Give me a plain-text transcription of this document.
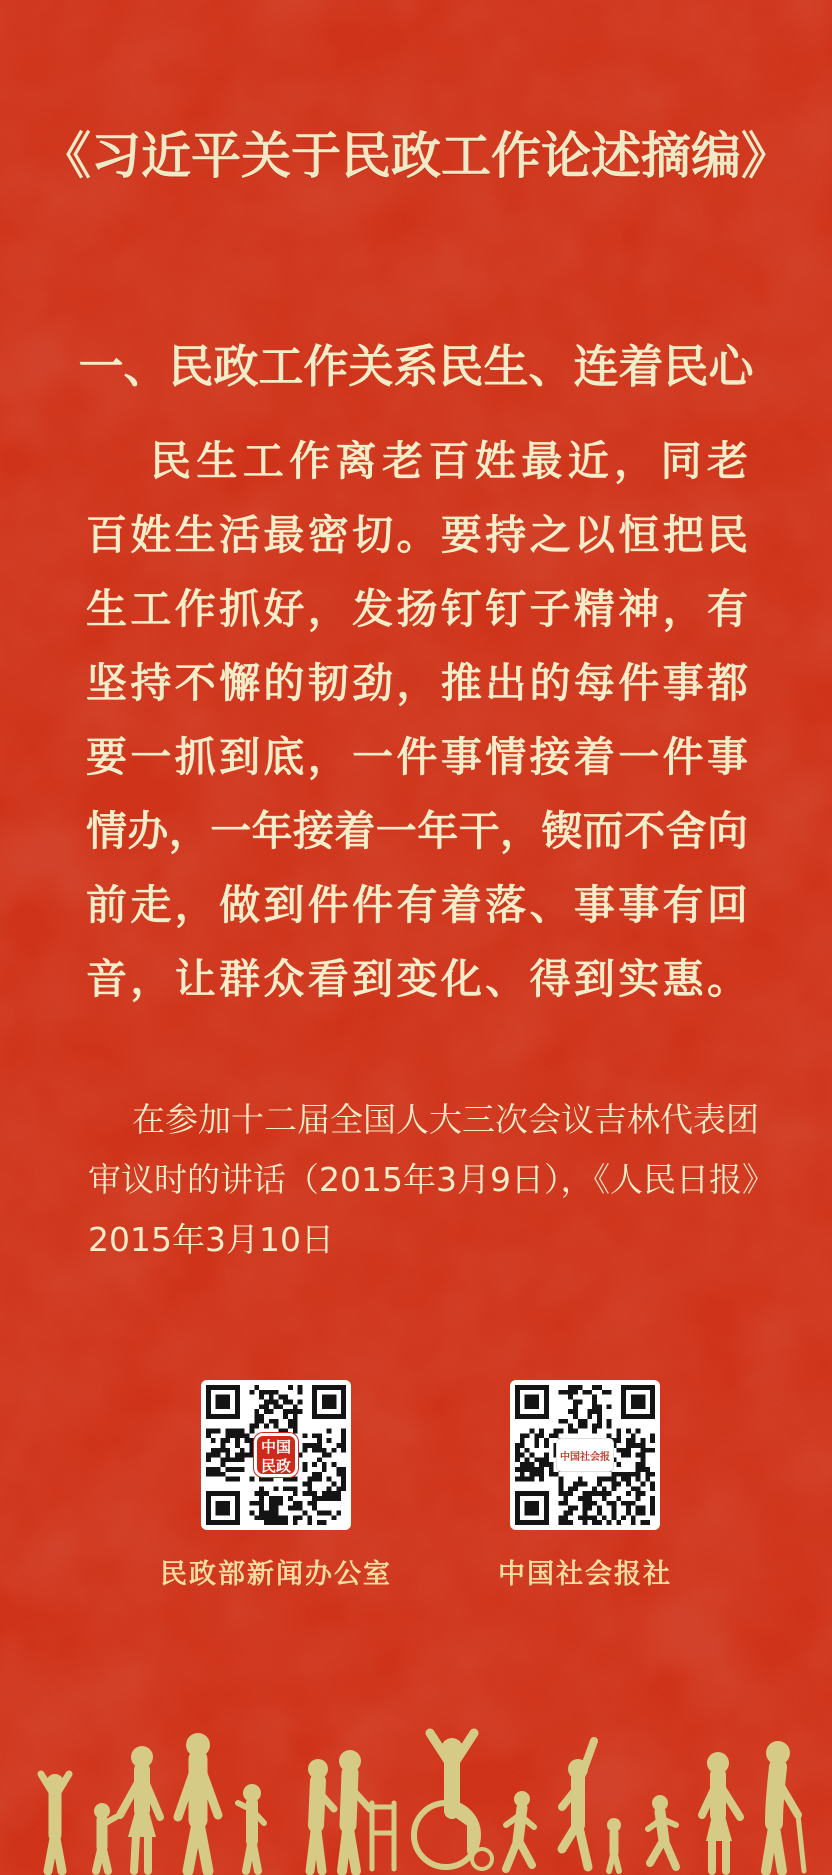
《习近平关于民政工作论述摘编》
一、民政工作关系民生、连着民心
民生工作离老百姓最近，同老
百姓生活最密切。要持之以恒把民
生工作抓好，发扬钉钉子精神，有
坚持不懈的韧劲，推出的每件事都
要一抓到底，一件事情接着一件事
情办，一年接着一年干，锲而不舍向
前走，做到件件有着落、事事有回
音，让群众看到变化、得到实惠。
在参加十二届全国人大三次会议吉林代表团
审议时的讲话（2015年3月9日），《人民日报》
2015年3月10日
中国民政
民政部新闻办公室
中国社会报
中国社会报社
